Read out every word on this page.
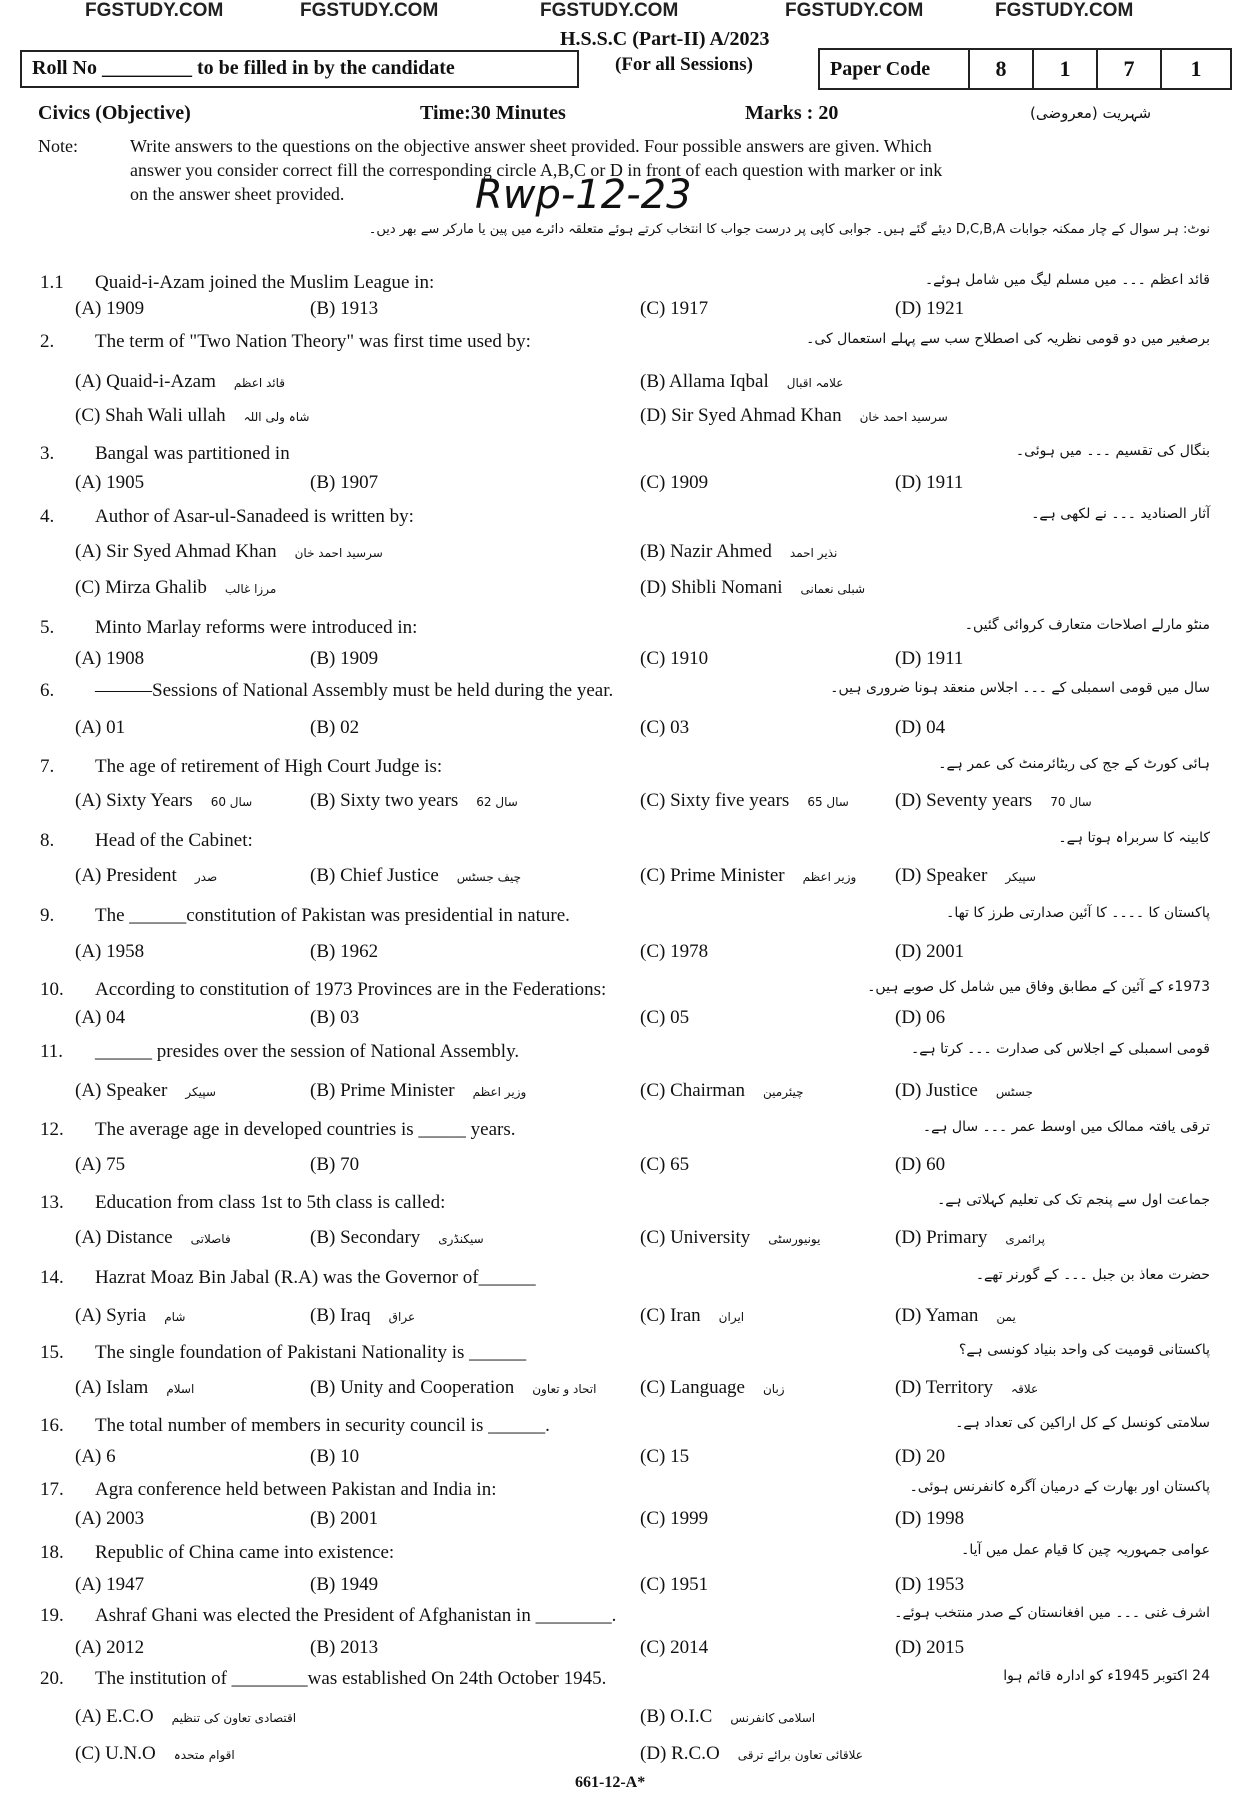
FGSTUDY.COM	FGSTUDY.COM	FGSTUDY.COM	FGSTUDY.COM	FGSTUDY.COM
H.S.S.C (Part-II) A/2023
Roll No _________ to be filled in by the candidate	(For all Sessions)	Paper Code	8	1	7	1
Civics (Objective)	Time:30 Minutes	Marks : 20	شہریت (معروضی)
Note:	Write answers to the questions on the objective answer sheet provided. Four possible answers are given. Which
answer you consider correct fill the corresponding circle A,B,C or D in front of each question with marker or ink
on the answer sheet provided.	Rwp-12-23
نوٹ: ہر سوال کے چار ممکنہ جوابات D,C,B,A دیئے گئے ہیں۔ جوابی کاپی پر درست جواب کا انتخاب کرتے ہوئے متعلقہ دائرے میں پین یا مارکر سے بھر دیں۔
1.1 Quaid-i-Azam joined the Muslim League in:	قائد اعظم ۔۔۔ میں مسلم لیگ میں شامل ہوئے۔
(A) 1909	(B) 1913	(C) 1917	(D) 1921
2. The term of "Two Nation Theory" was first time used by:	برصغیر میں دو قومی نظریہ کی اصطلاح سب سے پہلے استعمال کی۔
(A) Quaid-i-Azam قائد اعظم	(B) Allama Iqbal علامہ اقبال
(C) Shah Wali ullah شاہ ولی اللہ	(D) Sir Syed Ahmad Khan سرسید احمد خان
3. Bangal was partitioned in	بنگال کی تقسیم ۔۔۔ میں ہوئی۔
(A) 1905	(B) 1907	(C) 1909	(D) 1911
4. Author of Asar-ul-Sanadeed is written by:	آثار الصنادید ۔۔۔ نے لکھی ہے۔
(A) Sir Syed Ahmad Khan سرسید احمد خان	(B) Nazir Ahmed نذیر احمد
(C) Mirza Ghalib مرزا غالب	(D) Shibli Nomani شبلی نعمانی
5. Minto Marlay reforms were introduced in:	منٹو مارلے اصلاحات متعارف کروائی گئیں۔
(A) 1908	(B) 1909	(C) 1910	(D) 1911
6. ———Sessions of National Assembly must be held during the year.	سال میں قومی اسمبلی کے ۔۔۔ اجلاس منعقد ہونا ضروری ہیں۔
(A) 01	(B) 02	(C) 03	(D) 04
7. The age of retirement of High Court Judge is:	ہائی کورٹ کے جج کی ریٹائرمنٹ کی عمر ہے۔
(A) Sixty Years 60 سال	(B) Sixty two years 62 سال	(C) Sixty five years 65 سال (D) Seventy years 70 سال
8. Head of the Cabinet:	کابینہ کا سربراہ ہوتا ہے۔
(A) President صدر	(B) Chief Justice چیف جسٹس	(C) Prime Minister وزیر اعظم (D) Speaker سپیکر
9. The ______constitution of Pakistan was presidential in nature.	پاکستان کا ۔۔۔۔ کا آئین صدارتی طرز کا تھا۔
(A) 1958	(B) 1962	(C) 1978	(D) 2001
10. According to constitution of 1973 Provinces are in the Federations:	1973ء کے آئین کے مطابق وفاق میں شامل کل صوبے ہیں۔
(A) 04	(B) 03	(C) 05	(D) 06
11. ______ presides over the session of National Assembly.	قومی اسمبلی کے اجلاس کی صدارت ۔۔۔ کرتا ہے۔
(A) Speaker سپیکر	(B) Prime Minister وزیر اعظم	(C) Chairman چیئرمین	(D) Justice جسٹس
12. The average age in developed countries is _____ years.	ترقی یافتہ ممالک میں اوسط عمر ۔۔۔ سال ہے۔
(A) 75	(B) 70	(C) 65	(D) 60
13. Education from class 1st to 5th class is called:	جماعت اول سے پنجم تک کی تعلیم کہلاتی ہے۔
(A) Distance فاصلاتی	(B) Secondary سیکنڈری	(C) University یونیورسٹی	(D) Primary پرائمری
14. Hazrat Moaz Bin Jabal (R.A) was the Governor of______	حضرت معاذ بن جبل ۔۔۔ کے گورنر تھے۔
(A) Syria شام	(B) Iraq عراق	(C) Iran ایران	(D) Yaman یمن
15. The single foundation of Pakistani Nationality is ______	پاکستانی قومیت کی واحد بنیاد کونسی ہے؟
(A) Islam اسلام	(B) Unity and Cooperation اتحاد و تعاون (C) Language زبان	(D) Territory علاقہ
16. The total number of members in security council is ______.	سلامتی کونسل کے کل اراکین کی تعداد ہے۔
(A) 6	(B) 10	(C) 15	(D) 20
17. Agra conference held between Pakistan and India in:	پاکستان اور بھارت کے درمیان آگرہ کانفرنس ہوئی۔
(A) 2003	(B) 2001	(C) 1999	(D) 1998
18. Republic of China came into existence:	عوامی جمہوریہ چین کا قیام عمل میں آیا۔
(A) 1947	(B) 1949	(C) 1951	(D) 1953
19. Ashraf Ghani was elected the President of Afghanistan in ________.	اشرف غنی ۔۔۔ میں افغانستان کے صدر منتخب ہوئے۔
(A) 2012	(B) 2013	(C) 2014	(D) 2015
20. The institution of ________was established On 24th October 1945.	24 اکتوبر 1945ء کو ادارہ قائم ہوا
(A) E.C.O اقتصادی تعاون کی تنظیم	(B) O.I.C اسلامی کانفرنس
(C) U.N.O اقوام متحدہ	(D) R.C.O علاقائی تعاون برائے ترقی
661-12-A*
